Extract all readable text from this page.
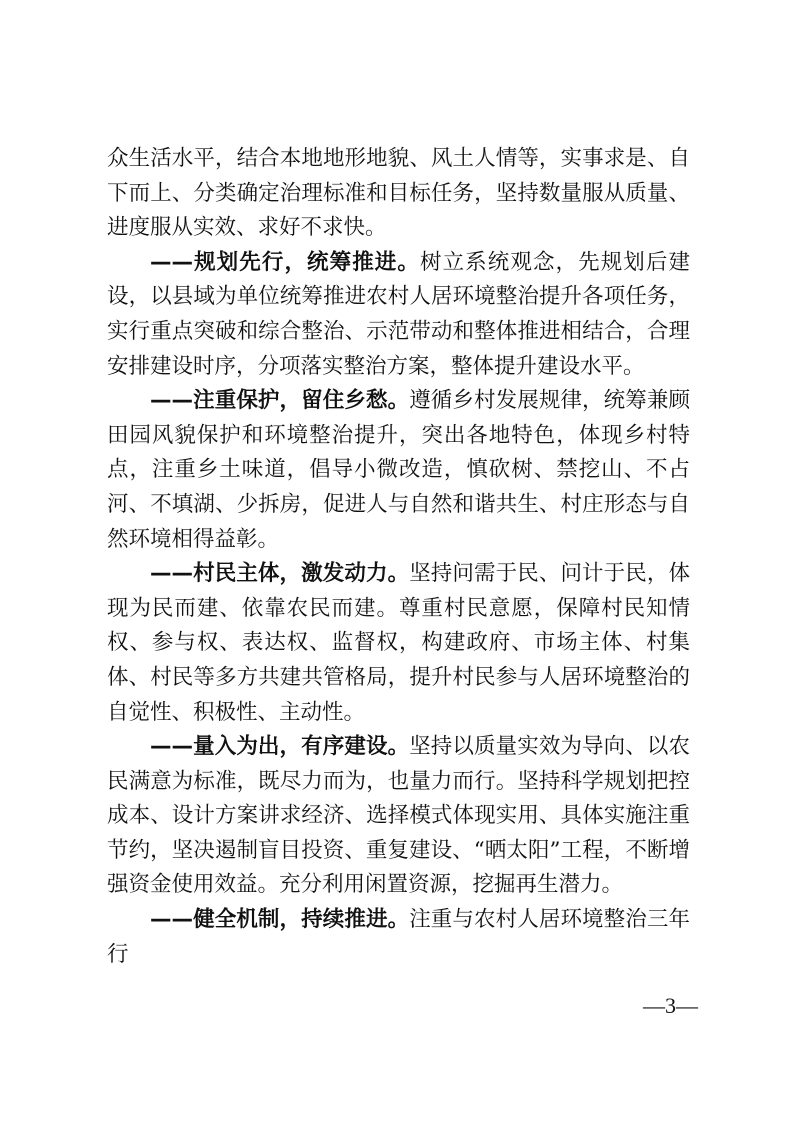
众生活水平，结合本地地形地貌、风土人情等，实事求是、自下而上、分类确定治理标准和目标任务，坚持数量服从质量、进度服从实效、求好不求快。

——规划先行，统筹推进。树立系统观念，先规划后建设，以县域为单位统筹推进农村人居环境整治提升各项任务，实行重点突破和综合整治、示范带动和整体推进相结合，合理安排建设时序，分项落实整治方案，整体提升建设水平。

——注重保护，留住乡愁。遵循乡村发展规律，统筹兼顾田园风貌保护和环境整治提升，突出各地特色，体现乡村特点，注重乡土味道，倡导小微改造，慎砍树、禁挖山、不占河、不填湖、少拆房，促进人与自然和谐共生、村庄形态与自然环境相得益彰。

——村民主体，激发动力。坚持问需于民、问计于民，体现为民而建、依靠农民而建。尊重村民意愿，保障村民知情权、参与权、表达权、监督权，构建政府、市场主体、村集体、村民等多方共建共管格局，提升村民参与人居环境整治的自觉性、积极性、主动性。

——量入为出，有序建设。坚持以质量实效为导向、以农民满意为标准，既尽力而为，也量力而行。坚持科学规划把控成本、设计方案讲求经济、选择模式体现实用、具体实施注重节约，坚决遏制盲目投资、重复建设、“晒太阳”工程，不断增强资金使用效益。充分利用闲置资源，挖掘再生潜力。

——健全机制，持续推进。注重与农村人居环境整治三年行

—3—
